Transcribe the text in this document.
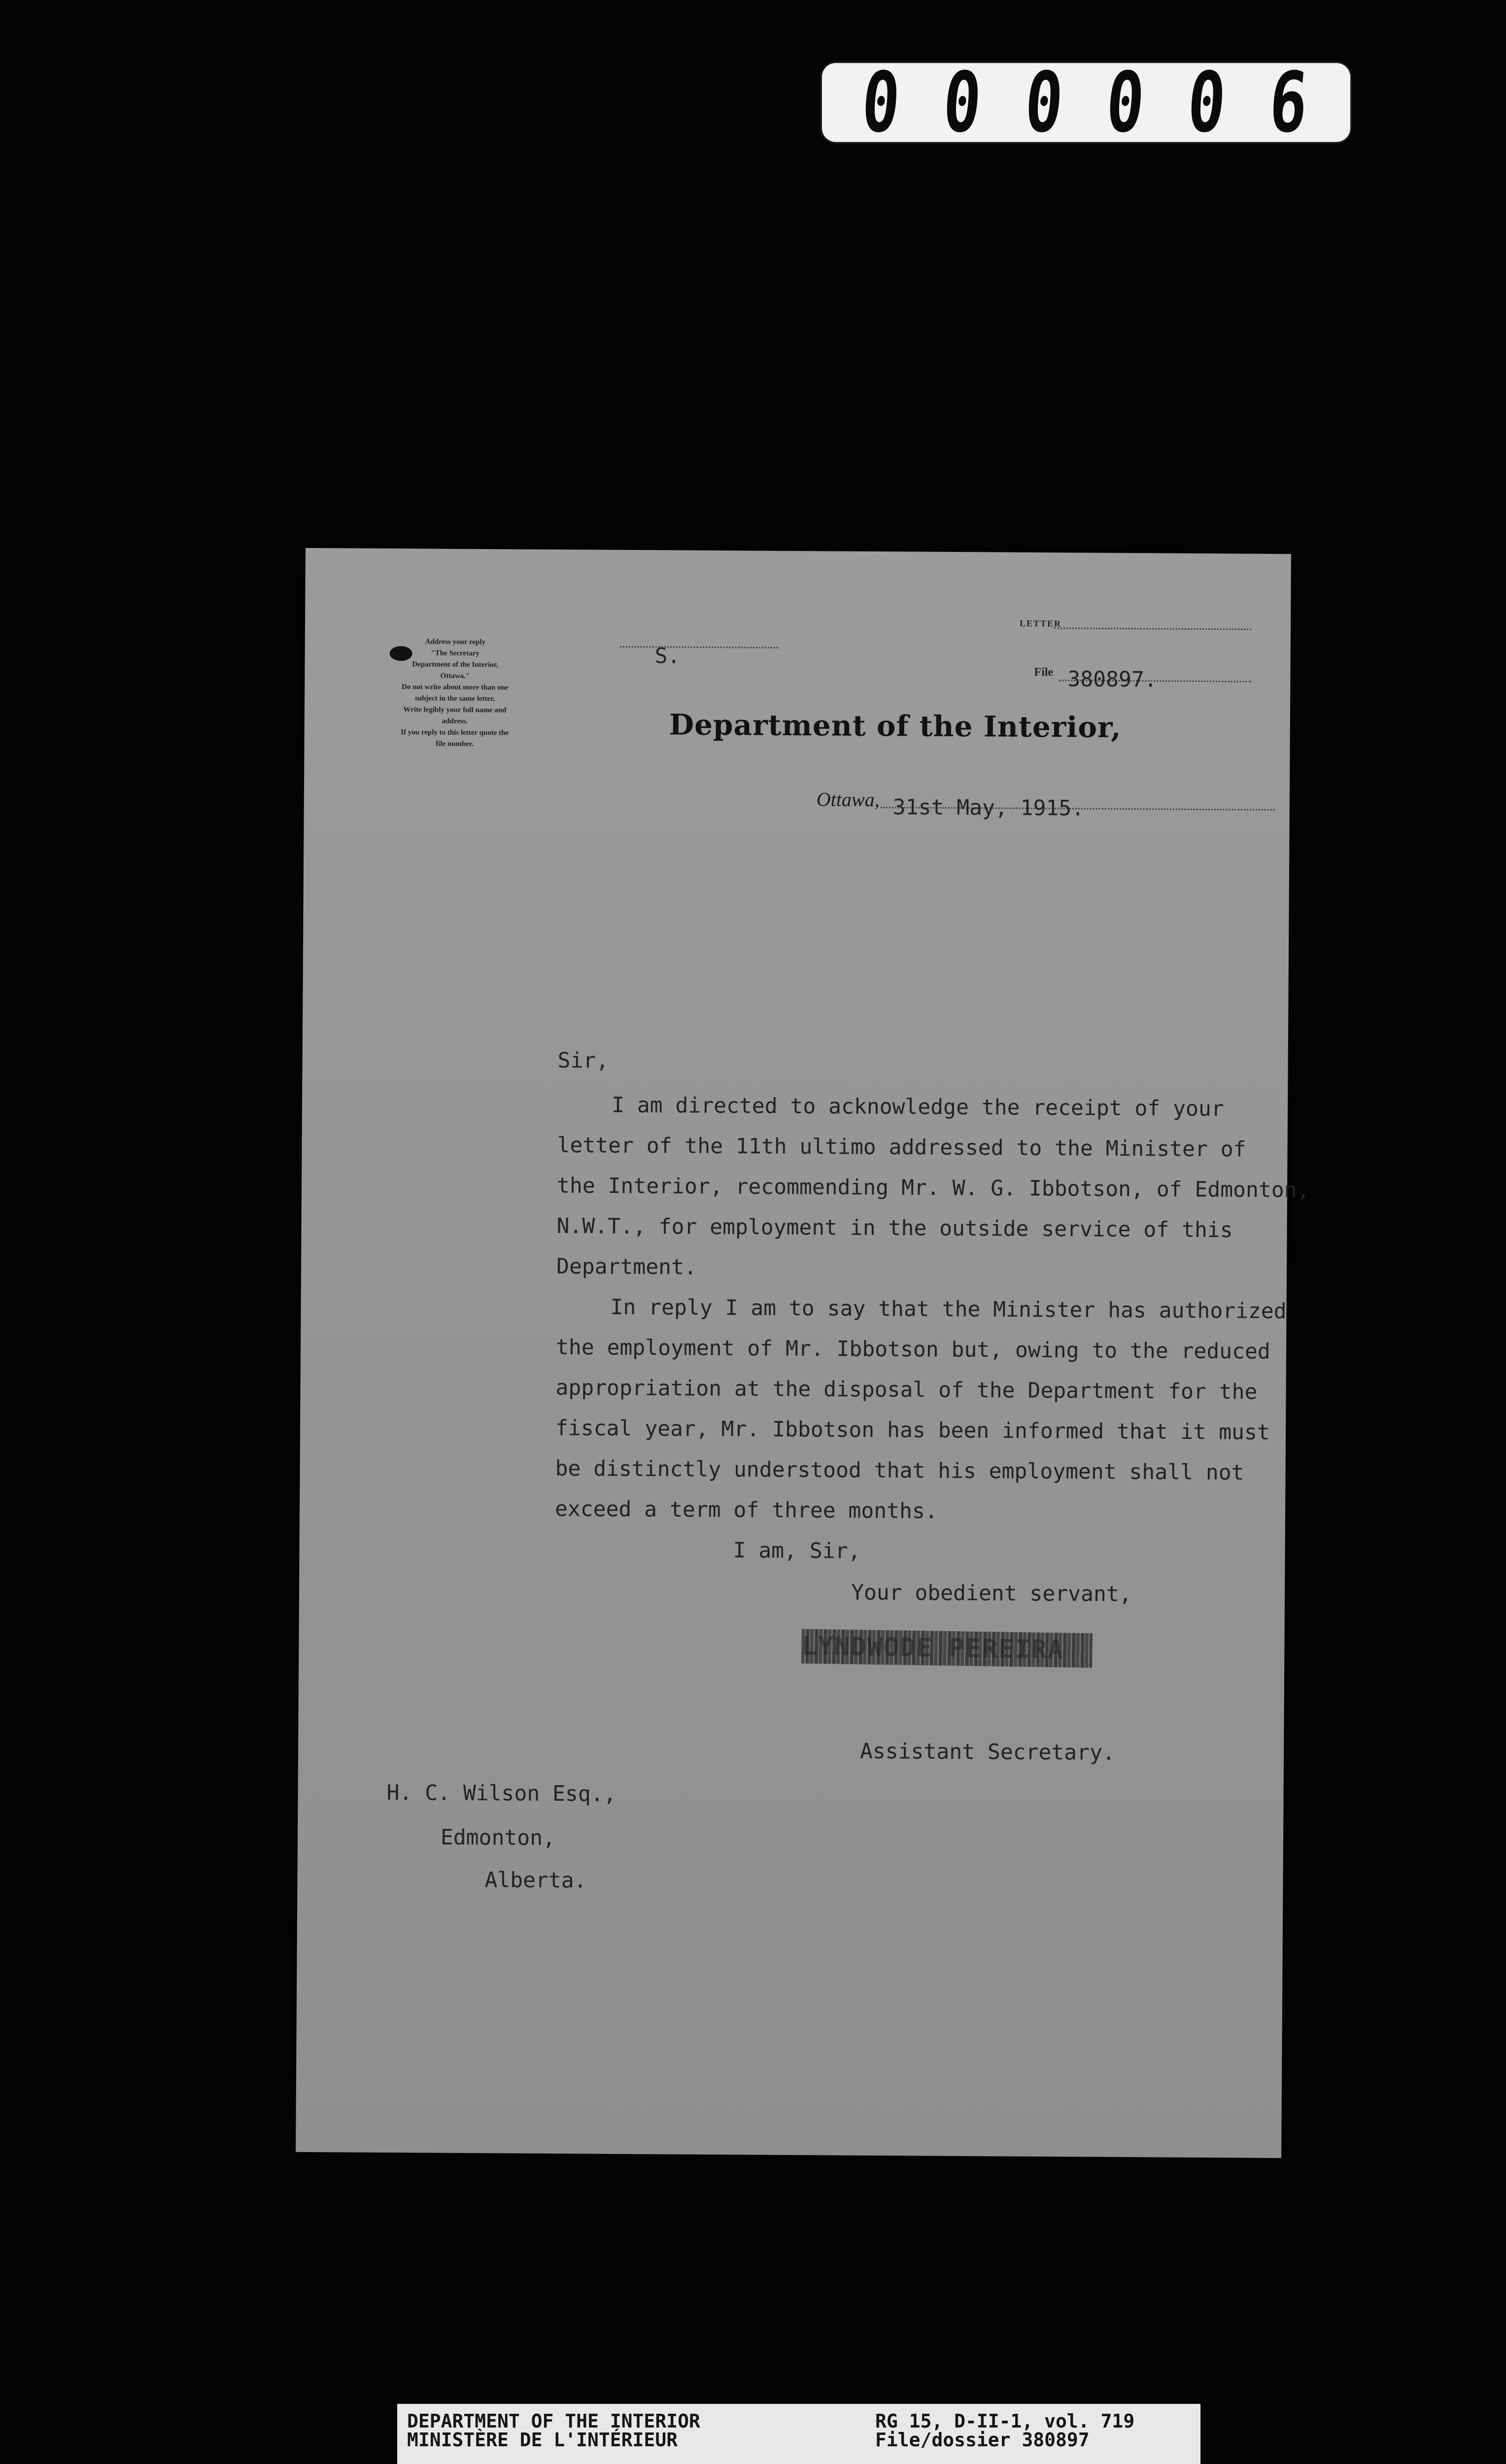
0 0 0 0 0 6
Address your reply
"The Secretary
Department of the Interior,
Ottawa."
Do not write about more than one
subject in the same letter.
Write legibly your full name and
address.
If you reply to this letter quote the
file number.
S.
LETTER
File 380897.
Department of the Interior,
Ottawa, 31st May, 1915.
Sir,
I am directed to acknowledge the receipt of your
letter of the 11th ultimo addressed to the Minister of
the Interior, recommending Mr. W. G. Ibbotson, of Edmonton,
N.W.T., for employment in the outside service of this
Department.
In reply I am to say that the Minister has authorized
the employment of Mr. Ibbotson but, owing to the reduced
appropriation at the disposal of the Department for the
fiscal year, Mr. Ibbotson has been informed that it must
be distinctly understood that his employment shall not
exceed a term of three months.
I am, Sir,
Your obedient servant,
LYNDWODE PEREIRA
Assistant Secretary.
H. C. Wilson Esq.,
Edmonton,
Alberta.
DEPARTMENT OF THE INTERIOR
MINISTÈRE DE L'INTÉRIEUR
RG 15, D-II-1, vol. 719
File/dossier 380897
